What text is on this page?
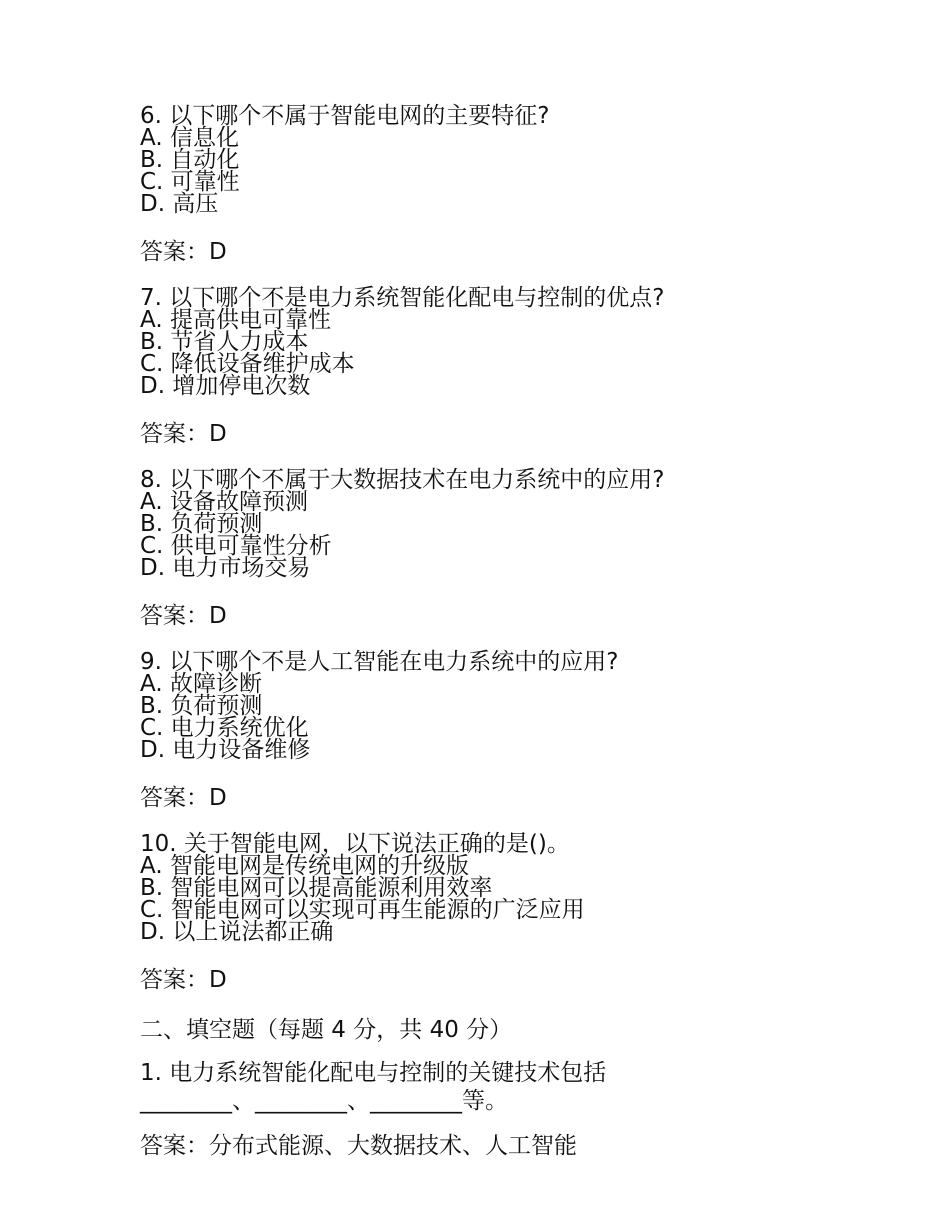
6. 以下哪个不属于智能电网的主要特征?
A. 信息化
B. 自动化
C. 可靠性
D. 高压
答案：D
7. 以下哪个不是电力系统智能化配电与控制的优点?
A. 提高供电可靠性
B. 节省人力成本
C. 降低设备维护成本
D. 增加停电次数
答案：D
8. 以下哪个不属于大数据技术在电力系统中的应用?
A. 设备故障预测
B. 负荷预测
C. 供电可靠性分析
D. 电力市场交易
答案：D
9. 以下哪个不是人工智能在电力系统中的应用?
A. 故障诊断
B. 负荷预测
C. 电力系统优化
D. 电力设备维修
答案：D
10. 关于智能电网，以下说法正确的是()。
A. 智能电网是传统电网的升级版
B. 智能电网可以提高能源利用效率
C. 智能电网可以实现可再生能源的广泛应用
D. 以上说法都正确
答案：D
二、填空题（每题 4 分，共 40 分）
1. 电力系统智能化配电与控制的关键技术包括
________、________、________等。
答案：分布式能源、大数据技术、人工智能
